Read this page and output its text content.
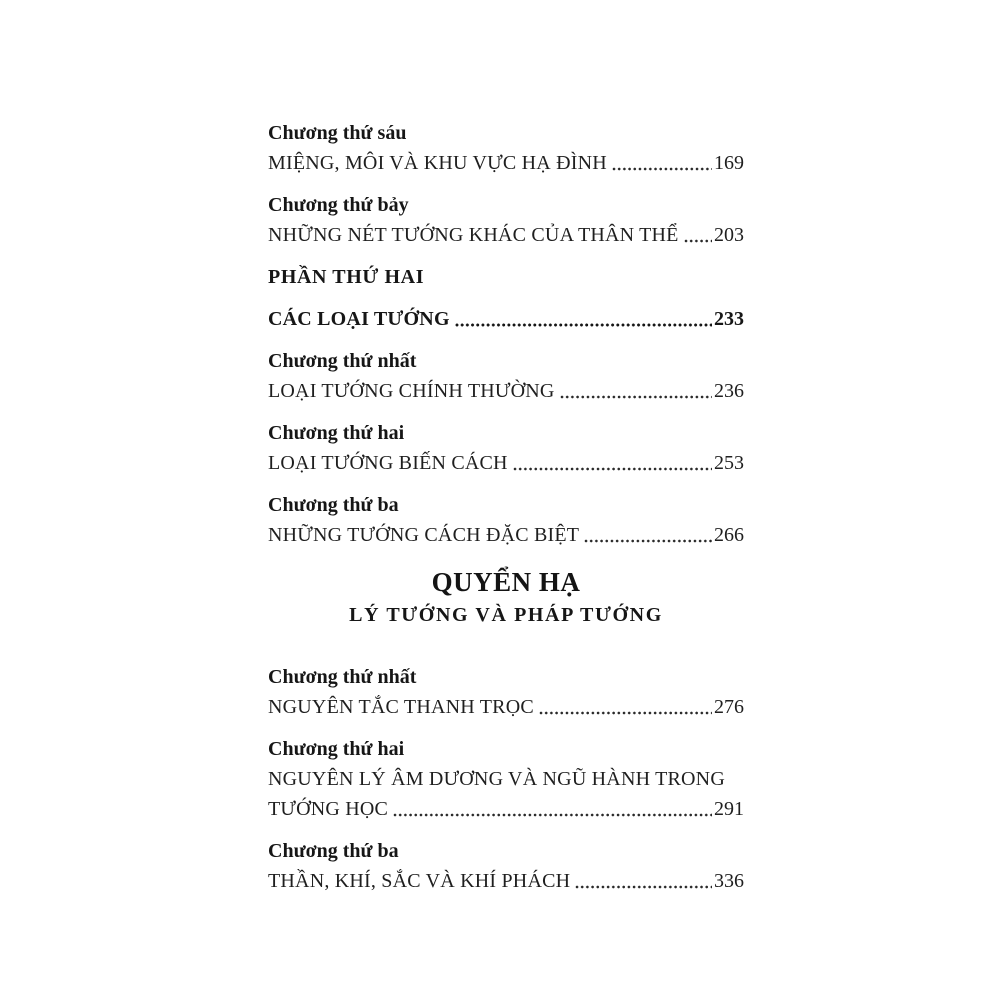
Chương thứ sáu
MIỆNG, MÔI VÀ KHU VỰC HẠ ĐÌNH	169
Chương thứ bảy
NHỮNG NÉT TƯỚNG KHÁC CỦA THÂN THỂ 203
PHẦN THỨ HAI
CÁC LOẠI TƯỚNG	233
Chương thứ nhất
LOẠI TƯỚNG CHÍNH THƯỜNG	236
Chương thứ hai
LOẠI TƯỚNG BIẾN CÁCH	253
Chương thứ ba
NHỮNG TƯỚNG CÁCH ĐẶC BIỆT	266
QUYỂN HẠ
LÝ TƯỚNG VÀ PHÁP TƯỚNG
Chương thứ nhất
NGUYÊN TẮC THANH TRỌC	276
Chương thứ hai
NGUYÊN LÝ ÂM DƯƠNG VÀ NGŨ HÀNH TRONG
TƯỚNG HỌC	291
Chương thứ ba
THẦN, KHÍ, SẮC VÀ KHÍ PHÁCH	336
